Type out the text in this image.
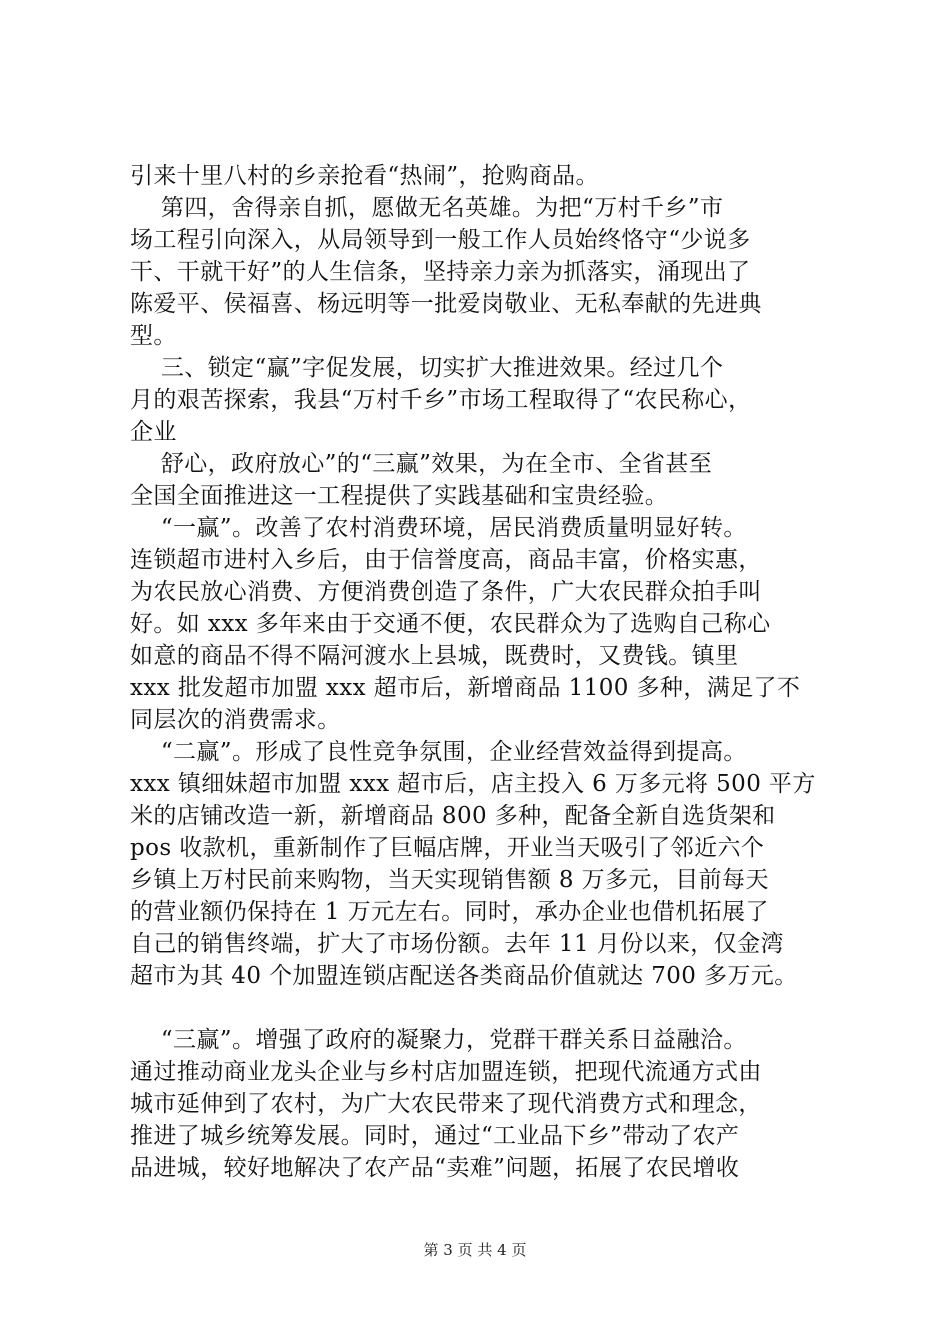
引来十里八村的乡亲抢看“热闹”，抢购商品。
第四，舍得亲自抓，愿做无名英雄。为把“万村千乡”市
场工程引向深入，从局领导到一般工作人员始终恪守“少说多
干、干就干好”的人生信条，坚持亲力亲为抓落实，涌现出了
陈爱平、侯福喜、杨远明等一批爱岗敬业、无私奉献的先进典
型。
三、锁定“赢”字促发展，切实扩大推进效果。经过几个
月的艰苦探索，我县“万村千乡”市场工程取得了“农民称心，
企业
舒心，政府放心”的“三赢”效果，为在全市、全省甚至
全国全面推进这一工程提供了实践基础和宝贵经验。
“一赢”。改善了农村消费环境，居民消费质量明显好转。
连锁超市进村入乡后，由于信誉度高，商品丰富，价格实惠，
为农民放心消费、方便消费创造了条件，广大农民群众拍手叫
好。如 xxx 多年来由于交通不便，农民群众为了选购自己称心
如意的商品不得不隔河渡水上县城，既费时，又费钱。镇里
xxx 批发超市加盟 xxx 超市后，新增商品 1100 多种，满足了不
同层次的消费需求。
“二赢”。形成了良性竞争氛围，企业经营效益得到提高。
xxx 镇细妹超市加盟 xxx 超市后，店主投入 6 万多元将 500 平方
米的店铺改造一新，新增商品 800 多种，配备全新自选货架和
pos 收款机，重新制作了巨幅店牌，开业当天吸引了邻近六个
乡镇上万村民前来购物，当天实现销售额 8 万多元，目前每天
的营业额仍保持在 1 万元左右。同时，承办企业也借机拓展了
自己的销售终端，扩大了市场份额。去年 11 月份以来，仅金湾
超市为其 40 个加盟连锁店配送各类商品价值就达 700 多万元。
“三赢”。增强了政府的凝聚力，党群干群关系日益融洽。
通过推动商业龙头企业与乡村店加盟连锁，把现代流通方式由
城市延伸到了农村，为广大农民带来了现代消费方式和理念，
推进了城乡统筹发展。同时，通过“工业品下乡”带动了农产
品进城，较好地解决了农产品“卖难”问题，拓展了农民增收
第 3 页 共 4 页
